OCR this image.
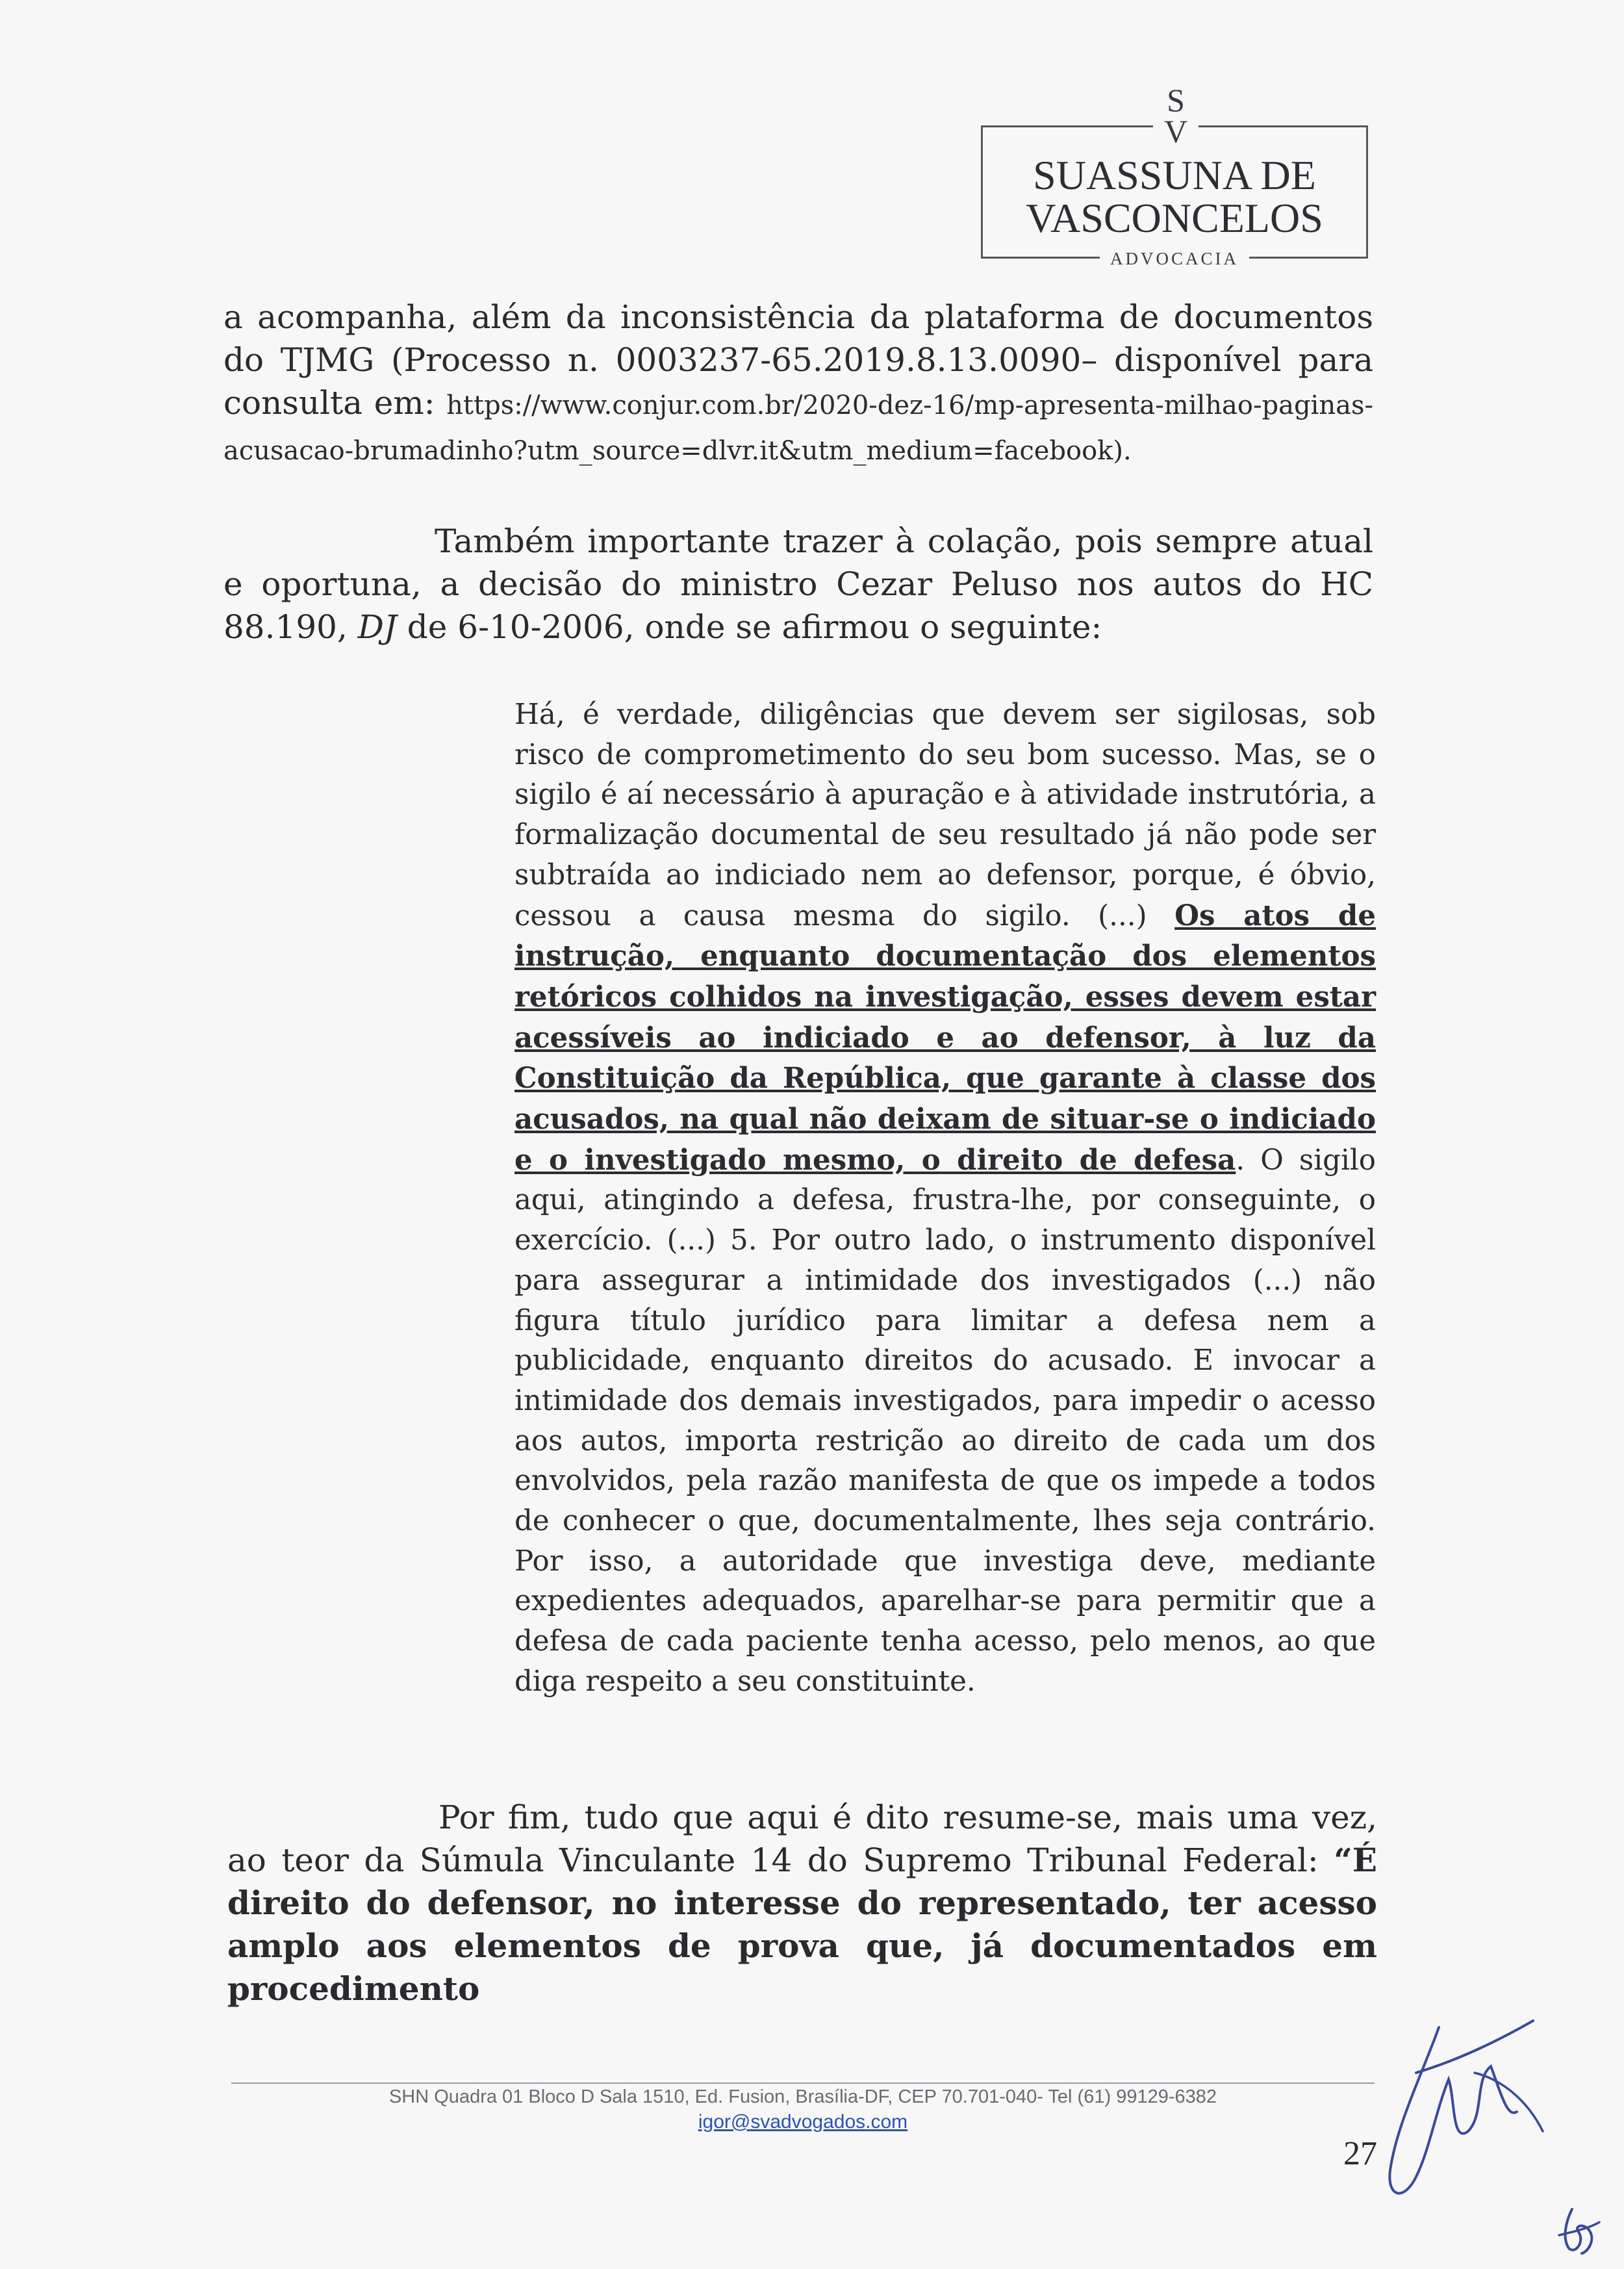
S
V
SUASSUNA DE
VASCONCELOS
ADVOCACIA

a acompanha, além da inconsistência da plataforma de documentos do TJMG (Processo n. 0003237-65.2019.8.13.0090– disponível para consulta em: https://www.conjur.com.br/2020-dez-16/mp-apresenta-milhao-paginas-acusacao-brumadinho?utm_source=dlvr.it&utm_medium=facebook).

Também importante trazer à colação, pois sempre atual e oportuna, a decisão do ministro Cezar Peluso nos autos do HC 88.190, DJ de 6-10-2006, onde se afirmou o seguinte:

Há, é verdade, diligências que devem ser sigilosas, sob risco de comprometimento do seu bom sucesso. Mas, se o sigilo é aí necessário à apuração e à atividade instrutória, a formalização documental de seu resultado já não pode ser subtraída ao indiciado nem ao defensor, porque, é óbvio, cessou a causa mesma do sigilo. (...) Os atos de instrução, enquanto documentação dos elementos retóricos colhidos na investigação, esses devem estar acessíveis ao indiciado e ao defensor, à luz da Constituição da República, que garante à classe dos acusados, na qual não deixam de situar-se o indiciado e o investigado mesmo, o direito de defesa. O sigilo aqui, atingindo a defesa, frustra-lhe, por conseguinte, o exercício. (...) 5. Por outro lado, o instrumento disponível para assegurar a intimidade dos investigados (...) não figura título jurídico para limitar a defesa nem a publicidade, enquanto direitos do acusado. E invocar a intimidade dos demais investigados, para impedir o acesso aos autos, importa restrição ao direito de cada um dos envolvidos, pela razão manifesta de que os impede a todos de conhecer o que, documentalmente, lhes seja contrário. Por isso, a autoridade que investiga deve, mediante expedientes adequados, aparelhar-se para permitir que a defesa de cada paciente tenha acesso, pelo menos, ao que diga respeito a seu constituinte.

Por fim, tudo que aqui é dito resume-se, mais uma vez, ao teor da Súmula Vinculante 14 do Supremo Tribunal Federal: “É direito do defensor, no interesse do representado, ter acesso amplo aos elementos de prova que, já documentados em procedimento

SHN Quadra 01 Bloco D Sala 1510, Ed. Fusion, Brasília-DF, CEP 70.701-040- Tel (61) 99129-6382
igor@svadvogados.com
27
